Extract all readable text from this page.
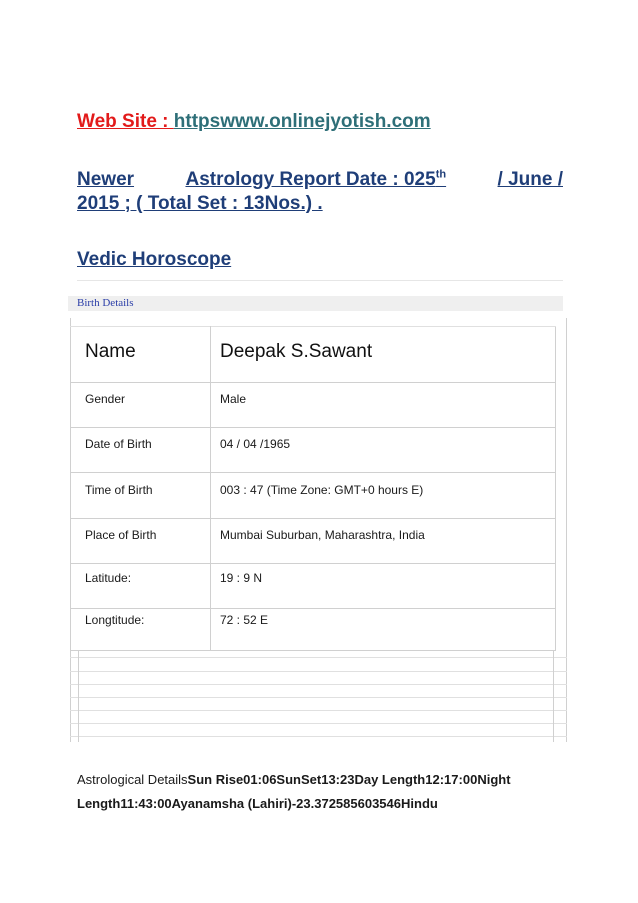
Web Site : httpswww.onlinejyotish.com
Newer	Astrology Report Date : 025th	/ June /
2015 ; ( Total Set : 13Nos.) .
Vedic Horoscope
Birth Details
Name	Deepak S.Sawant
Gender	Male
Date of Birth	04 / 04 /1965
Time of Birth	003 : 47 (Time Zone: GMT+0 hours E)
Place of Birth	Mumbai Suburban, Maharashtra, India
Latitude:	19 : 9 N
Longtitude:	72 : 52 E
Astrological DetailsSun Rise01:06SunSet13:23Day Length12:17:00Night Length11:43:00Ayanamsha (Lahiri)-23.372585603546Hindu
